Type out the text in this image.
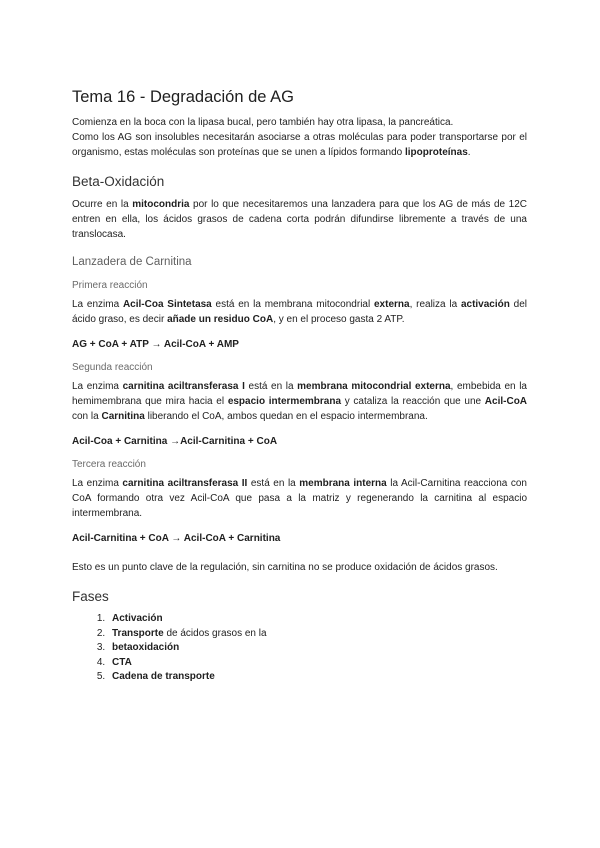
Tema 16 - Degradación de AG

Comienza en la boca con la lipasa bucal, pero también hay otra lipasa, la pancreática.

Como los AG son insolubles necesitarán asociarse a otras moléculas para poder transportarse por el organismo, estas moléculas son proteínas que se unen a lípidos formando lipoproteínas.

Beta-Oxidación

Ocurre en la mitocondria por lo que necesitaremos una lanzadera para que los AG de más de 12C entren en ella, los ácidos grasos de cadena corta podrán difundirse libremente a través de una translocasa.

Lanzadera de Carnitina
Primera reacción

La enzima Acil-Coa Sintetasa está en la membrana mitocondrial externa, realiza la activación del ácido graso, es decir añade un residuo CoA, y en el proceso gasta 2 ATP.

AG + CoA + ATP → Acil-CoA + AMP
Segunda reacción

La enzima carnitina aciltransferasa I está en la membrana mitocondrial externa, embebida en la hemimembrana que mira hacia el espacio intermembrana y cataliza la reacción que une Acil-CoA con la Carnitina liberando el CoA, ambos quedan en el espacio intermembrana.

Acil-Coa + Carnitina →Acil-Carnitina + CoA
Tercera reacción

La enzima carnitina aciltransferasa II está en la membrana interna la Acil-Carnitina reacciona con CoA formando otra vez Acil-CoA que pasa a la matriz y regenerando la carnitina al espacio intermembrana.

Acil-Carnitina + CoA → Acil-CoA + Carnitina

Esto es un punto clave de la regulación, sin carnitina no se produce oxidación de ácidos grasos.

Fases
1. Activación
2. Transporte de ácidos grasos en la
3. betaoxidación
4. CTA
5. Cadena de transporte
